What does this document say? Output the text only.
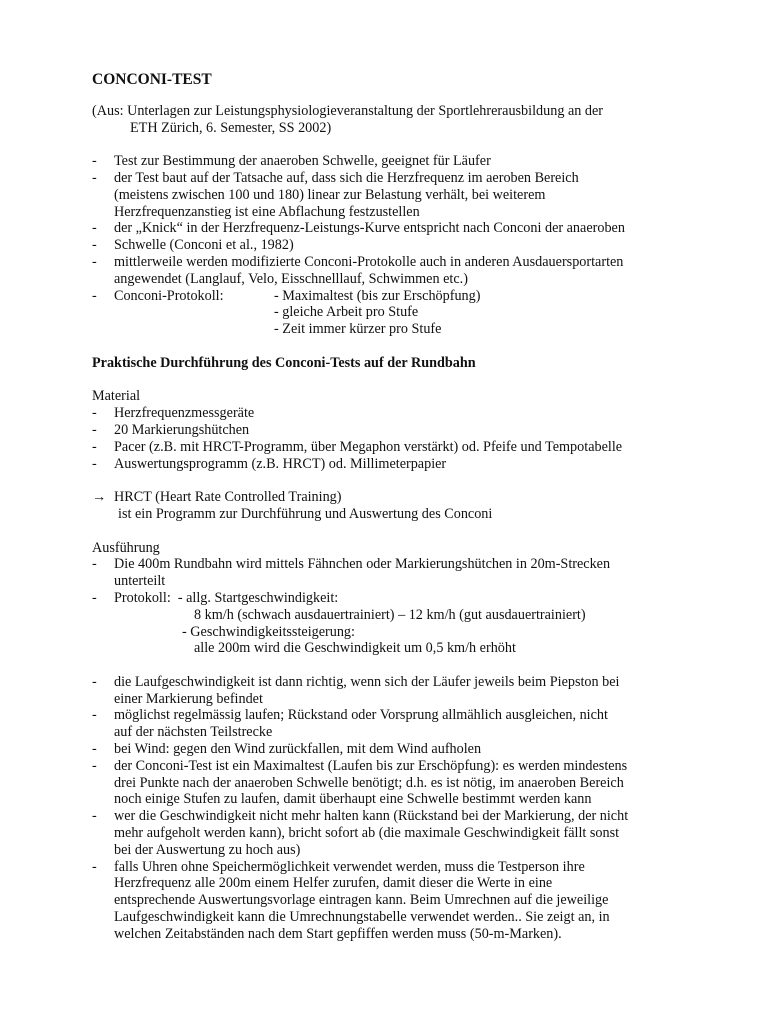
CONCONI-TEST
(Aus: Unterlagen zur Leistungsphysiologieveranstaltung der Sportlehrerausbildung an der
ETH Zürich, 6. Semester, SS 2002)
- Test zur Bestimmung der anaeroben Schwelle, geeignet für Läufer
- der Test baut auf der Tatsache auf, dass sich die Herzfrequenz im aeroben Bereich
(meistens zwischen 100 und 180) linear zur Belastung verhält, bei weiterem
Herzfrequenzanstieg ist eine Abflachung festzustellen
- der „Knick“ in der Herzfrequenz-Leistungs-Kurve entspricht nach Conconi der anaeroben
- Schwelle (Conconi et al., 1982)
- mittlerweile werden modifizierte Conconi-Protokolle auch in anderen Ausdauersportarten
angewendet (Langlauf, Velo, Eisschnelllauf, Schwimmen etc.)
- Conconi-Protokoll:	- Maximaltest (bis zur Erschöpfung)
- gleiche Arbeit pro Stufe
- Zeit immer kürzer pro Stufe
Praktische Durchführung des Conconi-Tests auf der Rundbahn
Material
- Herzfrequenzmessgeräte
- 20 Markierungshütchen
- Pacer (z.B. mit HRCT-Programm, über Megaphon verstärkt) od. Pfeife und Tempotabelle
- Auswertungsprogramm (z.B. HRCT) od. Millimeterpapier
→ HRCT (Heart Rate Controlled Training)
ist ein Programm zur Durchführung und Auswertung des Conconi
Ausführung
- Die 400m Rundbahn wird mittels Fähnchen oder Markierungshütchen in 20m-Strecken
unterteilt
- Protokoll: - allg. Startgeschwindigkeit:
8 km/h (schwach ausdauertrainiert) – 12 km/h (gut ausdauertrainiert)
- Geschwindigkeitssteigerung:
alle 200m wird die Geschwindigkeit um 0,5 km/h erhöht
- die Laufgeschwindigkeit ist dann richtig, wenn sich der Läufer jeweils beim Piepston bei
einer Markierung befindet
- möglichst regelmässig laufen; Rückstand oder Vorsprung allmählich ausgleichen, nicht
auf der nächsten Teilstrecke
- bei Wind: gegen den Wind zurückfallen, mit dem Wind aufholen
- der Conconi-Test ist ein Maximaltest (Laufen bis zur Erschöpfung): es werden mindestens
drei Punkte nach der anaeroben Schwelle benötigt; d.h. es ist nötig, im anaeroben Bereich
noch einige Stufen zu laufen, damit überhaupt eine Schwelle bestimmt werden kann
- wer die Geschwindigkeit nicht mehr halten kann (Rückstand bei der Markierung, der nicht
mehr aufgeholt werden kann), bricht sofort ab (die maximale Geschwindigkeit fällt sonst
bei der Auswertung zu hoch aus)
- falls Uhren ohne Speichermöglichkeit verwendet werden, muss die Testperson ihre
Herzfrequenz alle 200m einem Helfer zurufen, damit dieser die Werte in eine
entsprechende Auswertungsvorlage eintragen kann. Beim Umrechnen auf die jeweilige
Laufgeschwindigkeit kann die Umrechnungstabelle verwendet werden.. Sie zeigt an, in
welchen Zeitabständen nach dem Start gepfiffen werden muss (50-m-Marken).
